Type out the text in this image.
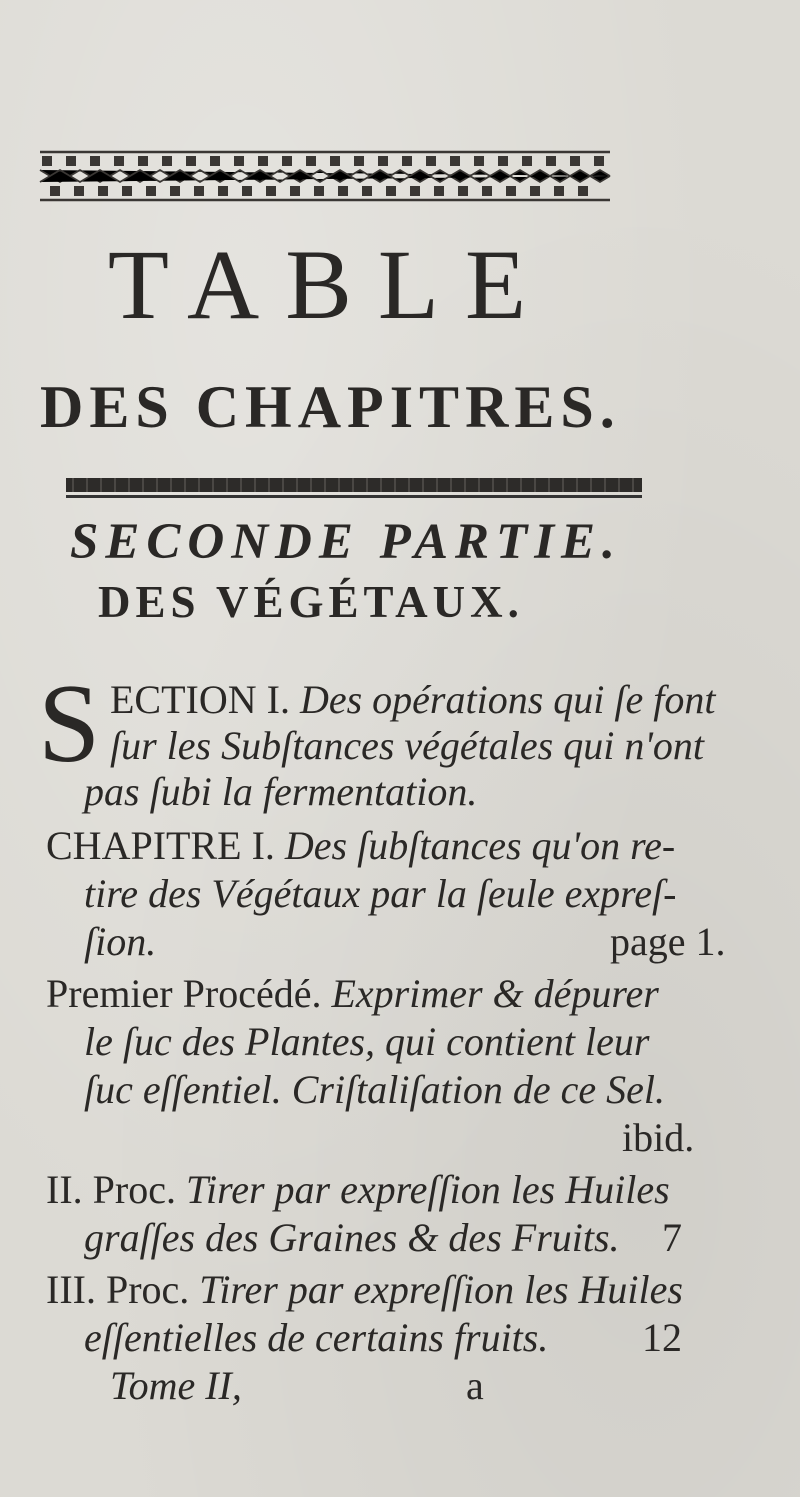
TABLE
DES CHAPITRES.
SECONDE PARTIE.
DES VÉGÉTAUX.
S ECTION I. Des opérations qui ſe font
ſur les Subſtances végétales qui n'ont
pas ſubi la fermentation.
CHAPITRE I. Des ſubſtances qu'on re-
tire des Végétaux par la ſeule expreſ-
ſion.	page 1.
Premier Procédé. Exprimer & dépurer
le ſuc des Plantes, qui contient leur
ſuc eſſentiel. Criſtaliſation de ce Sel.
ibid.
II. Proc. Tirer par expreſſion les Huiles
graſſes des Graines & des Fruits. 7
III. Proc. Tirer par expreſſion les Huiles
eſſentielles de certains fruits. 12
Tome II,	a
